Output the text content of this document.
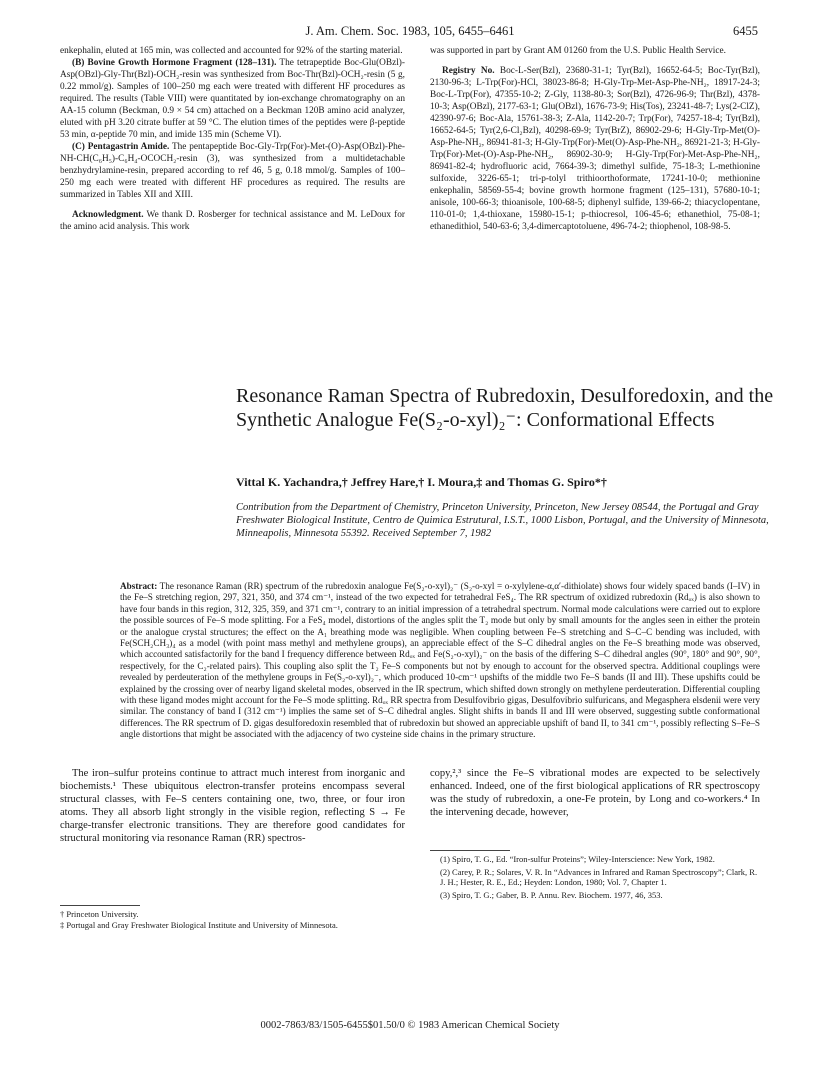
J. Am. Chem. Soc. 1983, 105, 6455–6461	6455

enkephalin, eluted at 165 min, was collected and accounted for 92% of the starting material.

(B) Bovine Growth Hormone Fragment (128–131). The tetrapeptide Boc-Glu(OBzl)-Asp(OBzl)-Gly-Thr(Bzl)-OCH₂-resin was synthesized from Boc-Thr(Bzl)-OCH₂-resin (5 g, 0.22 mmol/g). Samples of 100–250 mg each were treated with different HF procedures as required. The results (Table VIII) were quantitated by ion-exchange chromatography on an AA-15 column (Beckman, 0.9 × 54 cm) attached on a Beckman 120B amino acid analyzer, eluted with pH 3.20 citrate buffer at 59 °C. The elution times of the peptides were β-peptide 53 min, α-peptide 70 min, and imide 135 min (Scheme VI).

(C) Pentagastrin Amide. The pentapeptide Boc-Gly-Trp(For)-Met-(O)-Asp(OBzl)-Phe-NH-CH(C₆H₅)-C₆H₄-OCOCH₂-resin (3), was synthesized from a multidetachable benzhydrylamine-resin, prepared according to ref 46, 5 g, 0.18 mmol/g. Samples of 100–250 mg each were treated with different HF procedures as required. The results are summarized in Tables XII and XIII.

Acknowledgment. We thank D. Rosberger for technical assistance and M. LeDoux for the amino acid analysis. This work

was supported in part by Grant AM 01260 from the U.S. Public Health Service.

Registry No. Boc-L-Ser(Bzl), 23680-31-1; Tyr(Bzl), 16652-64-5; Boc-Tyr(Bzl), 2130-96-3; L-Trp(For)-HCl, 38023-86-8; H-Gly-Trp-Met-Asp-Phe-NH₂, 18917-24-3; Boc-L-Trp(For), 47355-10-2; Z-Gly, 1138-80-3; Sor(Bzl), 4726-96-9; Thr(Bzl), 4378-10-3; Asp(OBzl), 2177-63-1; Glu(OBzl), 1676-73-9; His(Tos), 23241-48-7; Lys(2-ClZ), 42390-97-6; Boc-Ala, 15761-38-3; Z-Ala, 1142-20-7; Trp(For), 74257-18-4; Tyr(Bzl), 16652-64-5; Tyr(2,6-Cl₂Bzl), 40298-69-9; Tyr(BrZ), 86902-29-6; H-Gly-Trp-Met(O)-Asp-Phe-NH₂, 86941-81-3; H-Gly-Trp(For)-Met(O)-Asp-Phe-NH₂, 86921-21-3; H-Gly-Trp(For)-Met-(O)-Asp-Phe-NH₂, 86902-30-9; H-Gly-Trp(For)-Met-Asp-Phe-NH₂, 86941-82-4; hydrofluoric acid, 7664-39-3; dimethyl sulfide, 75-18-3; L-methionine sulfoxide, 3226-65-1; tri-p-tolyl trithioorthoformate, 17241-10-0; methionine enkephalin, 58569-55-4; bovine growth hormone fragment (125–131), 57680-10-1; anisole, 100-66-3; thioanisole, 100-68-5; diphenyl sulfide, 139-66-2; thiacyclopentane, 110-01-0; 1,4-thioxane, 15980-15-1; p-thiocresol, 106-45-6; ethanethiol, 75-08-1; ethanedithiol, 540-63-6; 3,4-dimercaptotoluene, 496-74-2; thiophenol, 108-98-5.

Resonance Raman Spectra of Rubredoxin, Desulforedoxin, and the Synthetic Analogue Fe(S₂-o-xyl)₂⁻: Conformational Effects
Vittal K. Yachandra,† Jeffrey Hare,† I. Moura,‡ and Thomas G. Spiro*†
Contribution from the Department of Chemistry, Princeton University, Princeton, New Jersey 08544, the Portugal and Gray Freshwater Biological Institute, Centro de Quimica Estrutural, I.S.T., 1000 Lisbon, Portugal, and the University of Minnesota, Minneapolis, Minnesota 55392. Received September 7, 1982
Abstract: The resonance Raman (RR) spectrum of the rubredoxin analogue Fe(S₂-o-xyl)₂⁻ (S₂-o-xyl = o-xylylene-α,α′-dithiolate) shows four widely spaced bands (I–IV) in the Fe–S stretching region, 297, 321, 350, and 374 cm⁻¹, instead of the two expected for tetrahedral FeS₄. The RR spectrum of oxidized rubredoxin (Rdₒₓ) is also shown to have four bands in this region, 312, 325, 359, and 371 cm⁻¹, contrary to an initial impression of a tetrahedral spectrum. Normal mode calculations were carried out to explore the possible sources of Fe–S mode splitting. For a FeS₄ model, distortions of the angles split the T₂ mode but only by small amounts for the angles seen in either the protein or the analogue crystal structures; the effect on the A₁ breathing mode was negligible. When coupling between Fe–S stretching and S–C–C bending was included, with Fe(SCH₂CH₃)₄ as a model (with point mass methyl and methylene groups), an appreciable effect of the S–C dihedral angles on the Fe–S breathing mode was observed, which accounted satisfactorily for the band I frequency difference between Rdₒₓ and Fe(S₂-o-xyl)₂⁻ on the basis of the differing S–C dihedral angles (90°, 180° and 90°, 90°, respectively, for the C₂-related pairs). This coupling also split the T₂ Fe–S components but not by enough to account for the observed spectra. Additional couplings were revealed by perdeuteration of the methylene groups in Fe(S₂-o-xyl)₂⁻, which produced 10-cm⁻¹ upshifts of the middle two Fe–S bands (II and III). These upshifts could be explained by the crossing over of nearby ligand skeletal modes, observed in the IR spectrum, which shifted down strongly on methylene perdeuteration. Differential coupling with these ligand modes might account for the Fe–S mode splitting. Rdₒₓ RR spectra from Desulfovibrio gigas, Desulfovibrio sulfuricans, and Megasphera elsdenii were very similar. The constancy of band I (312 cm⁻¹) implies the same set of S–C dihedral angles. Slight shifts in bands II and III were observed, suggesting subtle conformational differences. The RR spectrum of D. gigas desulforedoxin resembled that of rubredoxin but showed an appreciable upshift of band II, to 341 cm⁻¹, possibly reflecting S–Fe–S angle distortions that might be associated with the adjacency of two cysteine side chains in the primary structure.

The iron–sulfur proteins continue to attract much interest from inorganic and biochemists.¹ These ubiquitous electron-transfer proteins encompass several structural classes, with Fe–S centers containing one, two, three, or four iron atoms. They all absorb light strongly in the visible region, reflecting S → Fe charge-transfer electronic transitions. They are therefore good candidates for structural monitoring via resonance Raman (RR) spectros-

copy,²,³ since the Fe–S vibrational modes are expected to be selectively enhanced. Indeed, one of the first biological applications of RR spectroscopy was the study of rubredoxin, a one-Fe protein, by Long and co-workers.⁴ In the intervening decade, however,

† Princeton University.
‡ Portugal and Gray Freshwater Biological Institute and University of Minnesota.

(1) Spiro, T. G., Ed. “Iron-sulfur Proteins”; Wiley-Interscience: New York, 1982.

(2) Carey, P. R.; Solares, V. R. In “Advances in Infrared and Raman Spectroscopy”; Clark, R. J. H.; Hester, R. E., Ed.; Heyden: London, 1980; Vol. 7, Chapter 1.

(3) Spiro, T. G.; Gaber, B. P. Annu. Rev. Biochem. 1977, 46, 353.

0002-7863/83/1505-6455$01.50/0 © 1983 American Chemical Society
